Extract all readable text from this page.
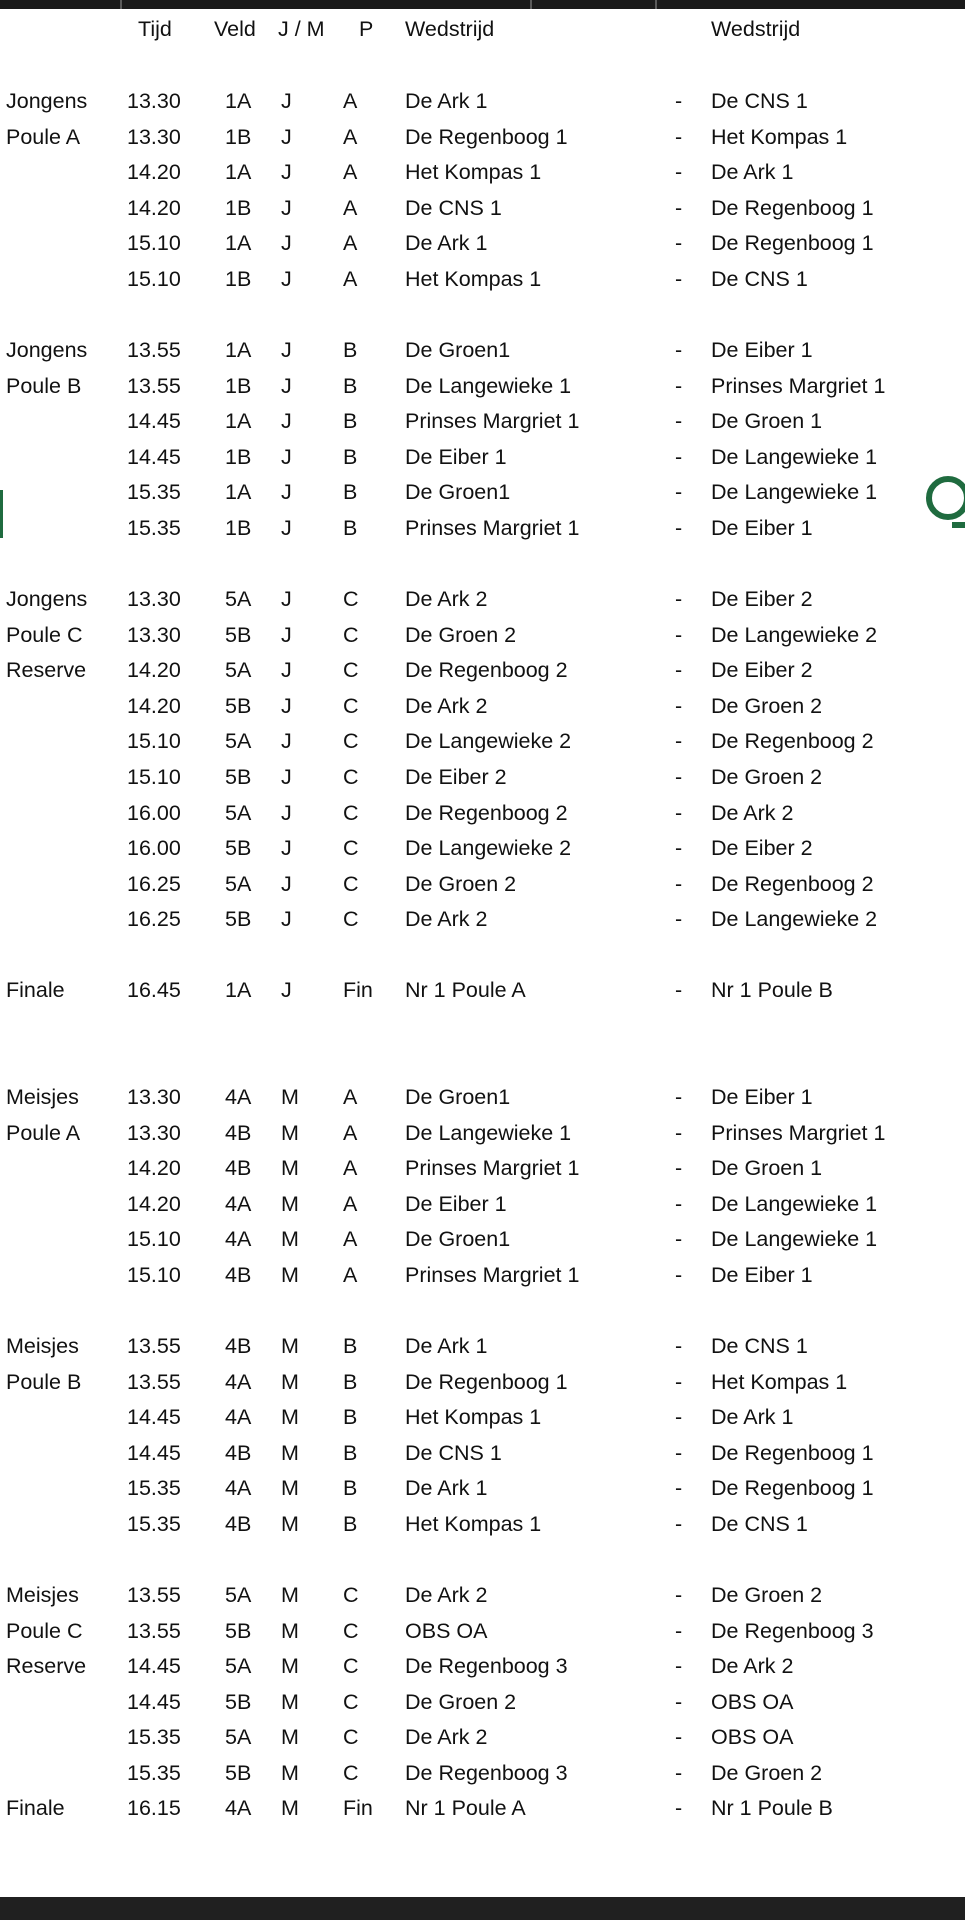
Tijd Veld J / M P Wedstrijd	Wedstrijd
Jongens 13.30 1A J A De Ark 1	- De CNS 1
Poule A 13.30 1B J A De Regenboog 1	- Het Kompas 1
14.20 1A J A Het Kompas 1	- De Ark 1
14.20 1B J A De CNS 1	- De Regenboog 1
15.10 1A J A De Ark 1	- De Regenboog 1
15.10 1B J A Het Kompas 1	- De CNS 1
Jongens 13.55 1A J B De Groen1	- De Eiber 1
Poule B 13.55 1B J B De Langewieke 1	- Prinses Margriet 1
14.45 1A J B Prinses Margriet 1	- De Groen 1
14.45 1B J B De Eiber 1	- De Langewieke 1
15.35 1A J B De Groen1	- De Langewieke 1
15.35 1B J B Prinses Margriet 1	- De Eiber 1
Jongens 13.30 5A J C De Ark 2	- De Eiber 2
Poule C 13.30 5B J C De Groen 2	- De Langewieke 2
Reserve 14.20 5A J C De Regenboog 2	- De Eiber 2
14.20 5B J C De Ark 2	- De Groen 2
15.10 5A J C De Langewieke 2	- De Regenboog 2
15.10 5B J C De Eiber 2	- De Groen 2
16.00 5A J C De Regenboog 2	- De Ark 2
16.00 5B J C De Langewieke 2	- De Eiber 2
16.25 5A J C De Groen 2	- De Regenboog 2
16.25 5B J C De Ark 2	- De Langewieke 2
Finale	16.45 1A J Fin Nr 1 Poule A	- Nr 1 Poule B
Meisjes 13.30 4A M A De Groen1	- De Eiber 1
Poule A 13.30 4B M A De Langewieke 1	- Prinses Margriet 1
14.20 4B M A Prinses Margriet 1	- De Groen 1
14.20 4A M A De Eiber 1	- De Langewieke 1
15.10 4A M A De Groen1	- De Langewieke 1
15.10 4B M A Prinses Margriet 1	- De Eiber 1
Meisjes 13.55 4B M B De Ark 1	- De CNS 1
Poule B 13.55 4A M B De Regenboog 1	- Het Kompas 1
14.45 4A M B Het Kompas 1	- De Ark 1
14.45 4B M B De CNS 1	- De Regenboog 1
15.35 4A M B De Ark 1	- De Regenboog 1
15.35 4B M B Het Kompas 1	- De CNS 1
Meisjes 13.55 5A M C De Ark 2	- De Groen 2
Poule C 13.55 5B M C OBS OA	- De Regenboog 3
Reserve 14.45 5A M C De Regenboog 3	- De Ark 2
14.45 5B M C De Groen 2	- OBS OA
15.35 5A M C De Ark 2	- OBS OA
15.35 5B M C De Regenboog 3	- De Groen 2
Finale	16.15 4A M Fin Nr 1 Poule A	- Nr 1 Poule B
